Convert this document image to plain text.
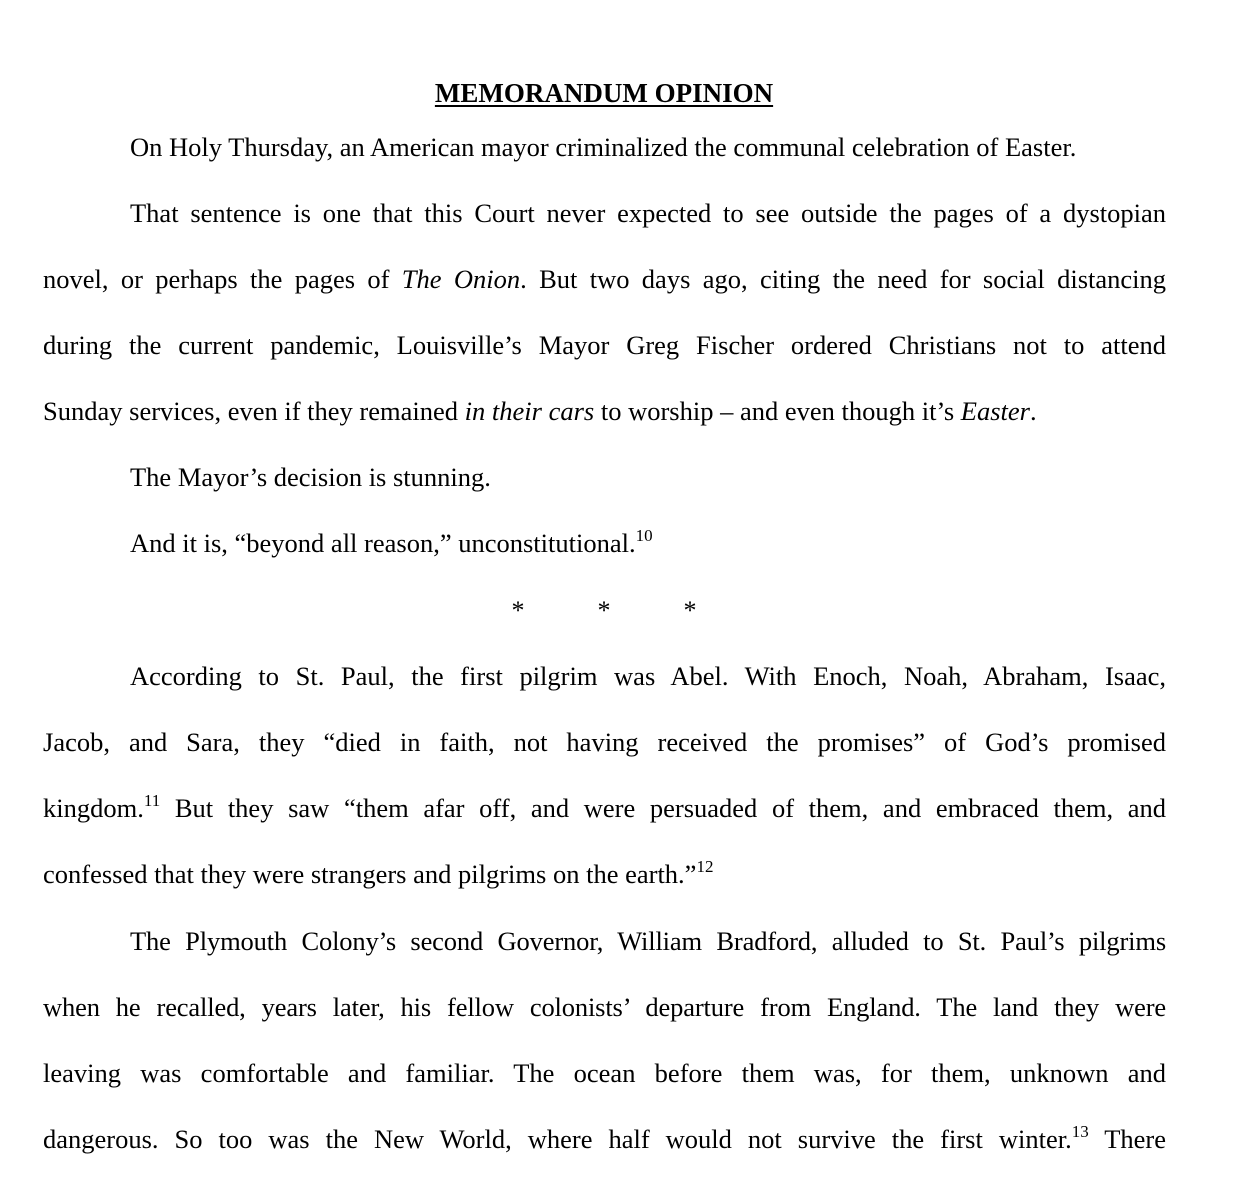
MEMORANDUM OPINION

On Holy Thursday, an American mayor criminalized the communal celebration of Easter.

That sentence is one that this Court never expected to see outside the pages of a dystopian

novel, or perhaps the pages of The Onion. But two days ago, citing the need for social distancing

during the current pandemic, Louisville’s Mayor Greg Fischer ordered Christians not to attend

Sunday services, even if they remained in their cars to worship – and even though it’s Easter.

The Mayor’s decision is stunning.

And it is, “beyond all reason,” unconstitutional.$^{10}$

*	*	*

According to St. Paul, the first pilgrim was Abel. With Enoch, Noah, Abraham, Isaac,

Jacob, and Sara, they “died in faith, not having received the promises” of God’s promised

kingdom.$^{11}$ But they saw “them afar off, and were persuaded of them, and embraced them, and

confessed that they were strangers and pilgrims on the earth.”$^{12}$

The Plymouth Colony’s second Governor, William Bradford, alluded to St. Paul’s pilgrims

when he recalled, years later, his fellow colonists’ departure from England. The land they were

leaving was comfortable and familiar. The ocean before them was, for them, unknown and

dangerous. So too was the New World, where half would not survive the first winter.$^{13}$ There
